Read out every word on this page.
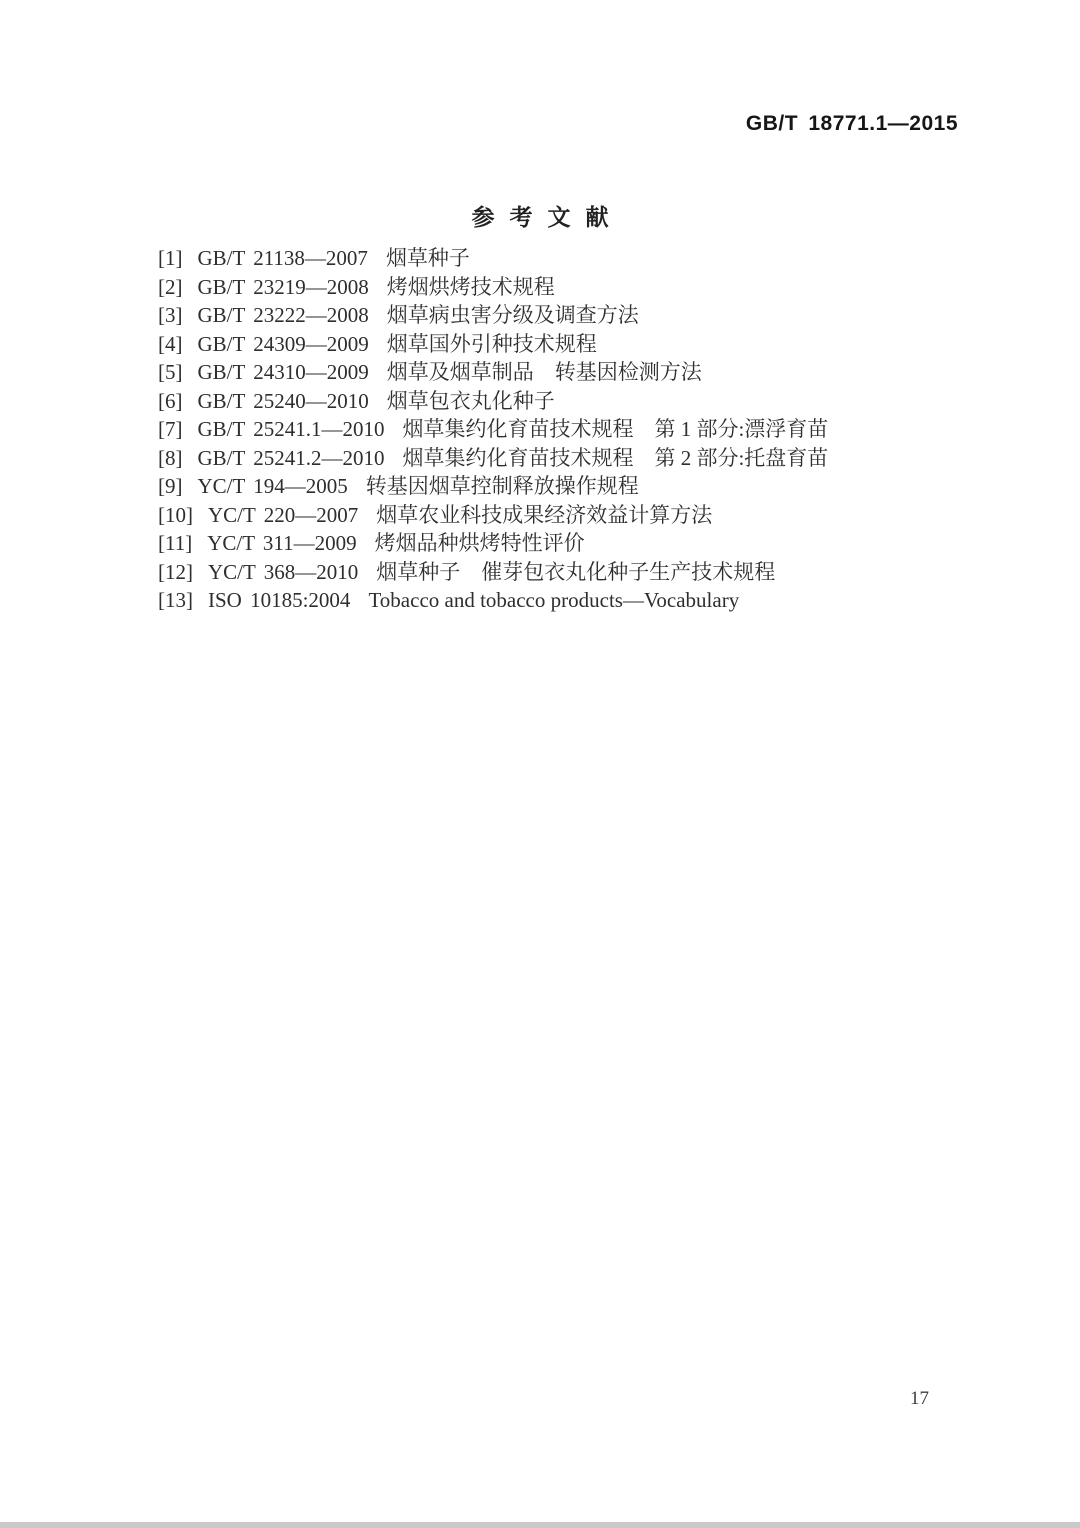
GB/T 18771.1—2015
参考文献
[1] GB/T 21138—2007 烟草种子
[2] GB/T 23219—2008 烤烟烘烤技术规程
[3] GB/T 23222—2008 烟草病虫害分级及调查方法
[4] GB/T 24309—2009 烟草国外引种技术规程
[5] GB/T 24310—2009 烟草及烟草制品　转基因检测方法
[6] GB/T 25240—2010 烟草包衣丸化种子
[7] GB/T 25241.1—2010 烟草集约化育苗技术规程　第 1 部分:漂浮育苗
[8] GB/T 25241.2—2010 烟草集约化育苗技术规程　第 2 部分:托盘育苗
[9] YC/T 194—2005 转基因烟草控制释放操作规程
[10] YC/T 220—2007 烟草农业科技成果经济效益计算方法
[11] YC/T 311—2009 烤烟品种烘烤特性评价
[12] YC/T 368—2010 烟草种子　催芽包衣丸化种子生产技术规程
[13] ISO 10185:2004 Tobacco and tobacco products—Vocabulary
17
